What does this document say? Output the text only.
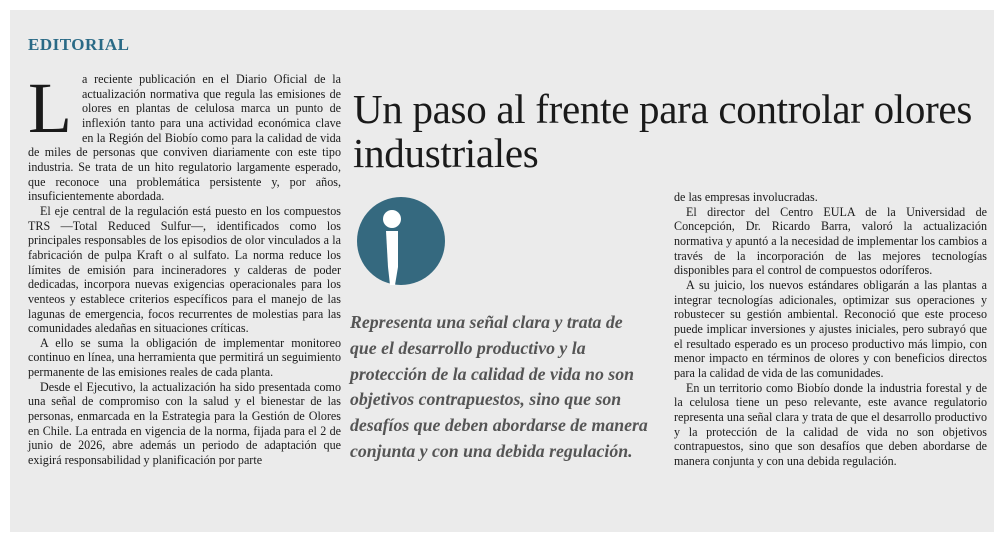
EDITORIAL
L a reciente publicación en el Diario Oficial de la actualización normativa que regula las emisiones de olores en plantas de celulosa marca un punto de inflexión tanto para una actividad económica clave en la Región del Biobío como para la calidad de vida de miles de personas que conviven diariamente con este tipo industria. Se trata de un hito regulatorio largamente esperado, que reconoce una problemática persistente y, por años, insuficientemente abordada.

El eje central de la regulación está puesto en los compuestos TRS —Total Reduced Sulfur—, identificados como los principales responsables de los episodios de olor vinculados a la fabricación de pulpa Kraft o al sulfato. La norma reduce los límites de emisión para incineradores y calderas de poder dedicadas, incorpora nuevas exigencias operacionales para los venteos y establece criterios específicos para el manejo de las lagunas de emergencia, focos recurrentes de molestias para las comunidades aledañas en situaciones críticas.

A ello se suma la obligación de implementar monitoreo continuo en línea, una herramienta que permitirá un seguimiento permanente de las emisiones reales de cada planta.

Desde el Ejecutivo, la actualización ha sido presentada como una señal de compromiso con la salud y el bienestar de las personas, enmarcada en la Estrategia para la Gestión de Olores en Chile. La entrada en vigencia de la norma, fijada para el 2 de junio de 2026, abre además un periodo de adaptación que exigirá responsabilidad y planificación por parte

Un paso al frente para controlar olores industriales
Representa una señal clara y trata de que el desarrollo productivo y la protección de la calidad de vida no son objetivos contrapuestos, sino que son desafíos que deben abordarse de manera conjunta y con una debida regulación.

de las empresas involucradas.

El director del Centro EULA de la Universidad de Concepción, Dr. Ricardo Barra, valoró la actualización normativa y apuntó a la necesidad de implementar los cambios a través de la incorporación de las mejores tecnologías disponibles para el control de compuestos odoríferos.

A su juicio, los nuevos estándares obligarán a las plantas a integrar tecnologías adicionales, optimizar sus operaciones y robustecer su gestión ambiental. Reconoció que este proceso puede implicar inversiones y ajustes iniciales, pero subrayó que el resultado esperado es un proceso productivo más limpio, con menor impacto en términos de olores y con beneficios directos para la calidad de vida de las comunidades.

En un territorio como Biobío donde la industria forestal y de la celulosa tiene un peso relevante, este avance regulatorio representa una señal clara y trata de que el desarrollo productivo y la protección de la calidad de vida no son objetivos contrapuestos, sino que son desafíos que deben abordarse de manera conjunta y con una debida regulación.
